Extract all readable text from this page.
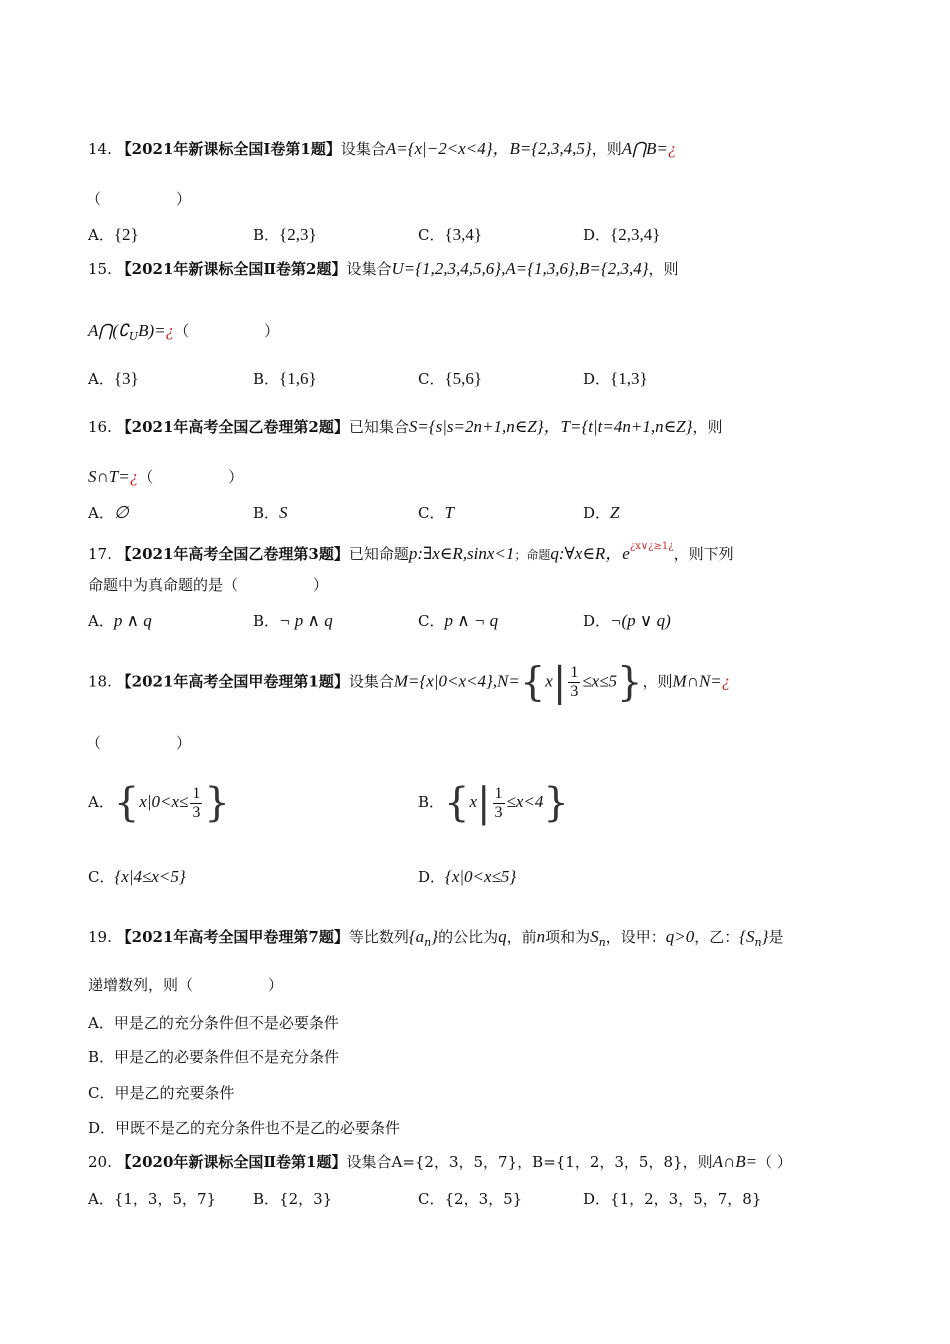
14. 【2021年新课标全国Ⅰ卷第1题】设集合A={x|−2<x<4}，B={2,3,4,5}，则A⋂B=¿
（　　　　　）
A．{2}	B．{2,3}	C．{3,4}	D．{2,3,4}
15. 【2021年新课标全国Ⅱ卷第2题】设集合U={1,2,3,4,5,6},A={1,3,6},B={2,3,4}，则
$A⋂(∁_UB)=¿$（　　　　　）
A．{3}	B．{1,6}	C．{5,6}	D．{1,3}
16. 【2021年高考全国乙卷理第2题】已知集合S={s|s=2n+1,n∈Z}，T={t|t=4n+1,n∈Z}，则
S∩T=¿（　　　　　）
A．∅	B．S	C．T	D．Z
17. 【2021年高考全国乙卷理第3题】已知命题p:∃x∈R,sinx<1；命题q:∀x∈R，$e^{¿x\vee¿\ge 1¿}$，则下列
命题中为真命题的是（　　　　　）
A．p ∧ q	B．¬ p ∧ q	C．p ∧ ¬ q	D．¬(p ∨ q)
18. 【2021年高考全国甲卷理第1题】设集合$M=\{x|0<x<4\},N=\{x| \frac{1}{3} \le x\le 5\}$，则M∩N=¿
（　　　　　）
A．{$x|0<x\le \frac{1}{3}$ }	B．$\{x| \frac{1}{3} \le x<4\}$
C．{x|4≤x<5}	D．{x|0<x≤5}
19. 【2021年高考全国甲卷理第7题】等比数列$\{a_n\}$的公比为q，前n项和为$S_n$，设甲：q>0，乙：$\{S_n\}$是
递增数列，则（　　　　　）
A．甲是乙的充分条件但不是必要条件
B．甲是乙的必要条件但不是充分条件
C．甲是乙的充要条件
D．甲既不是乙的充分条件也不是乙的必要条件
20. 【2020年新课标全国Ⅱ卷第1题】设集合A={2，3，5，7}，B={1，2，3，5，8}，则A∩B=（ ）
A．{1，3，5，7} B．{2，3}	C．{2，3，5}	D．{1，2，3，5，7，8}
